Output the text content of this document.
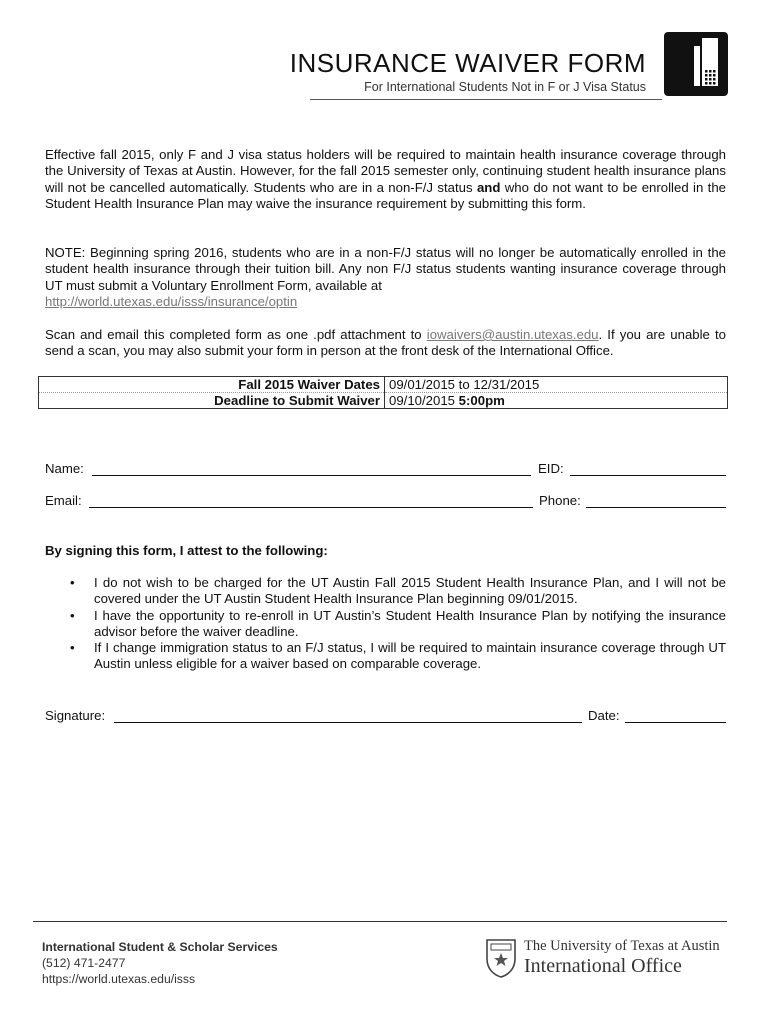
INSURANCE WAIVER FORM
For International Students Not in F or J Visa Status
Effective fall 2015, only F and J visa status holders will be required to maintain health insurance coverage through the University of Texas at Austin. However, for the fall 2015 semester only, continuing student health insurance plans will not be cancelled automatically. Students who are in a non-F/J status and who do not want to be enrolled in the Student Health Insurance Plan may waive the insurance requirement by submitting this form.
NOTE: Beginning spring 2016, students who are in a non-F/J status will no longer be automatically enrolled in the student health insurance through their tuition bill. Any non F/J status students wanting insurance coverage through UT must submit a Voluntary Enrollment Form, available at
http://world.utexas.edu/isss/insurance/optin
Scan and email this completed form as one .pdf attachment to iowaivers@austin.utexas.edu. If you are unable to send a scan, you may also submit your form in person at the front desk of the International Office.
Fall 2015 Waiver Dates	09/01/2015 to 12/31/2015
Deadline to Submit Waiver	09/10/2015 5:00pm
Name:	EID:
Email:	Phone:
By signing this form, I attest to the following:
• I do not wish to be charged for the UT Austin Fall 2015 Student Health Insurance Plan, and I will not be covered under the UT Austin Student Health Insurance Plan beginning 09/01/2015.
• I have the opportunity to re-enroll in UT Austin’s Student Health Insurance Plan by notifying the insurance advisor before the waiver deadline.
• If I change immigration status to an F/J status, I will be required to maintain insurance coverage through UT Austin unless eligible for a waiver based on comparable coverage.
Signature:	Date:
International Student & Scholar Services
(512) 471-2477
https://world.utexas.edu/isss
The University of Texas at Austin
International Office
